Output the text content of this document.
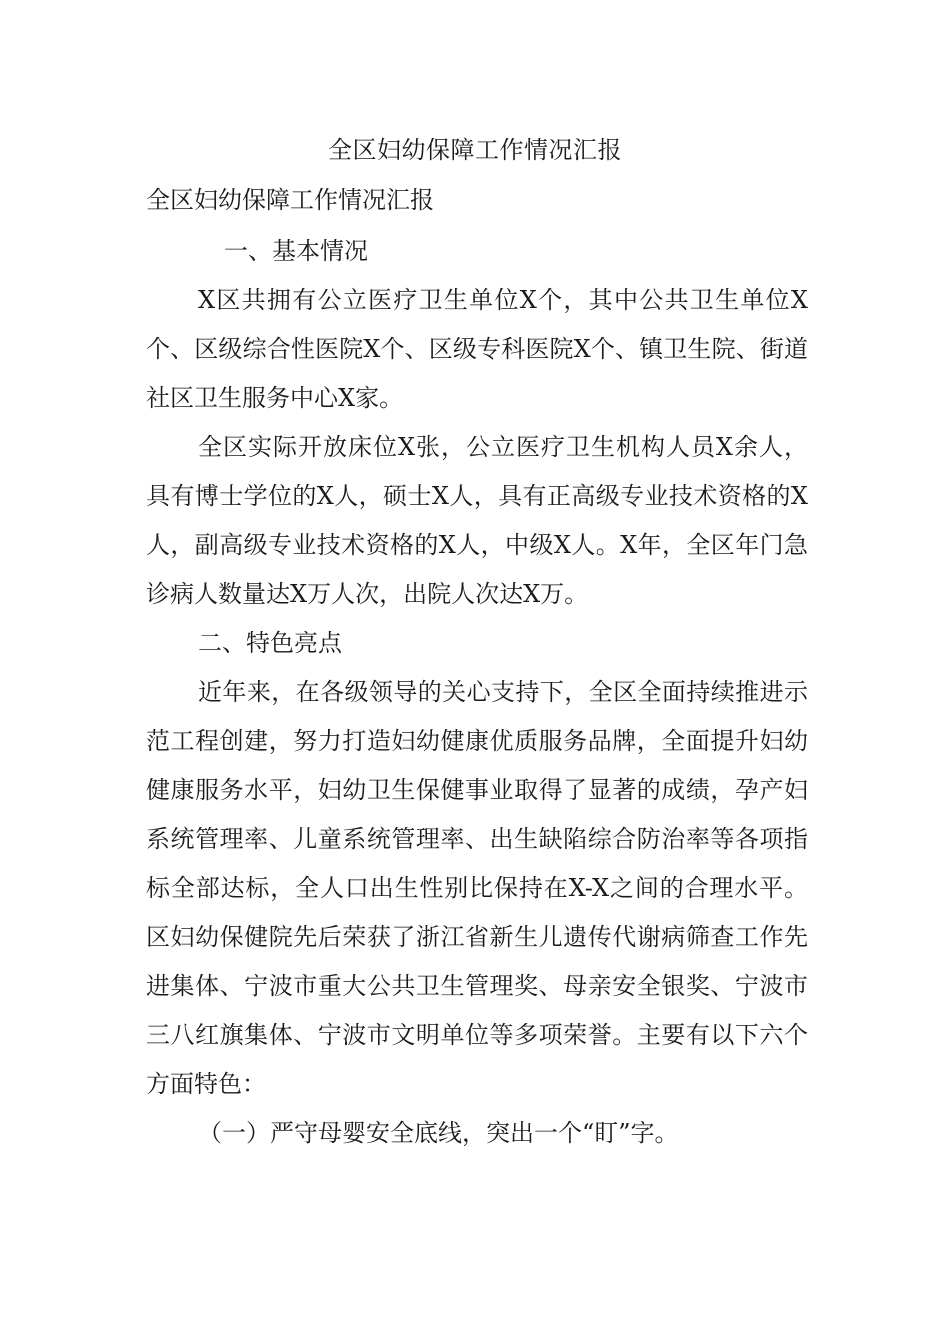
全区妇幼保障工作情况汇报
全区妇幼保障工作情况汇报

一、基本情况

X区共拥有公立医疗卫生单位X个，其中公共卫生单位X个、区级综合性医院X个、区级专科医院X个、镇卫生院、街道社区卫生服务中心X家。

全区实际开放床位X张，公立医疗卫生机构人员X余人，具有博士学位的X人，硕士X人，具有正高级专业技术资格的X人，副高级专业技术资格的X人，中级X人。X年，全区年门急诊病人数量达X万人次，出院人次达X万。

二、特色亮点

近年来，在各级领导的关心支持下，全区全面持续推进示范工程创建，努力打造妇幼健康优质服务品牌，全面提升妇幼健康服务水平，妇幼卫生保健事业取得了显著的成绩，孕产妇系统管理率、儿童系统管理率、出生缺陷综合防治率等各项指标全部达标，全人口出生性别比保持在X-X之间的合理水平。区妇幼保健院先后荣获了浙江省新生儿遗传代谢病筛查工作先进集体、宁波市重大公共卫生管理奖、母亲安全银奖、宁波市三八红旗集体、宁波市文明单位等多项荣誉。主要有以下六个方面特色：

（一）严守母婴安全底线，突出一个“盯”字。
